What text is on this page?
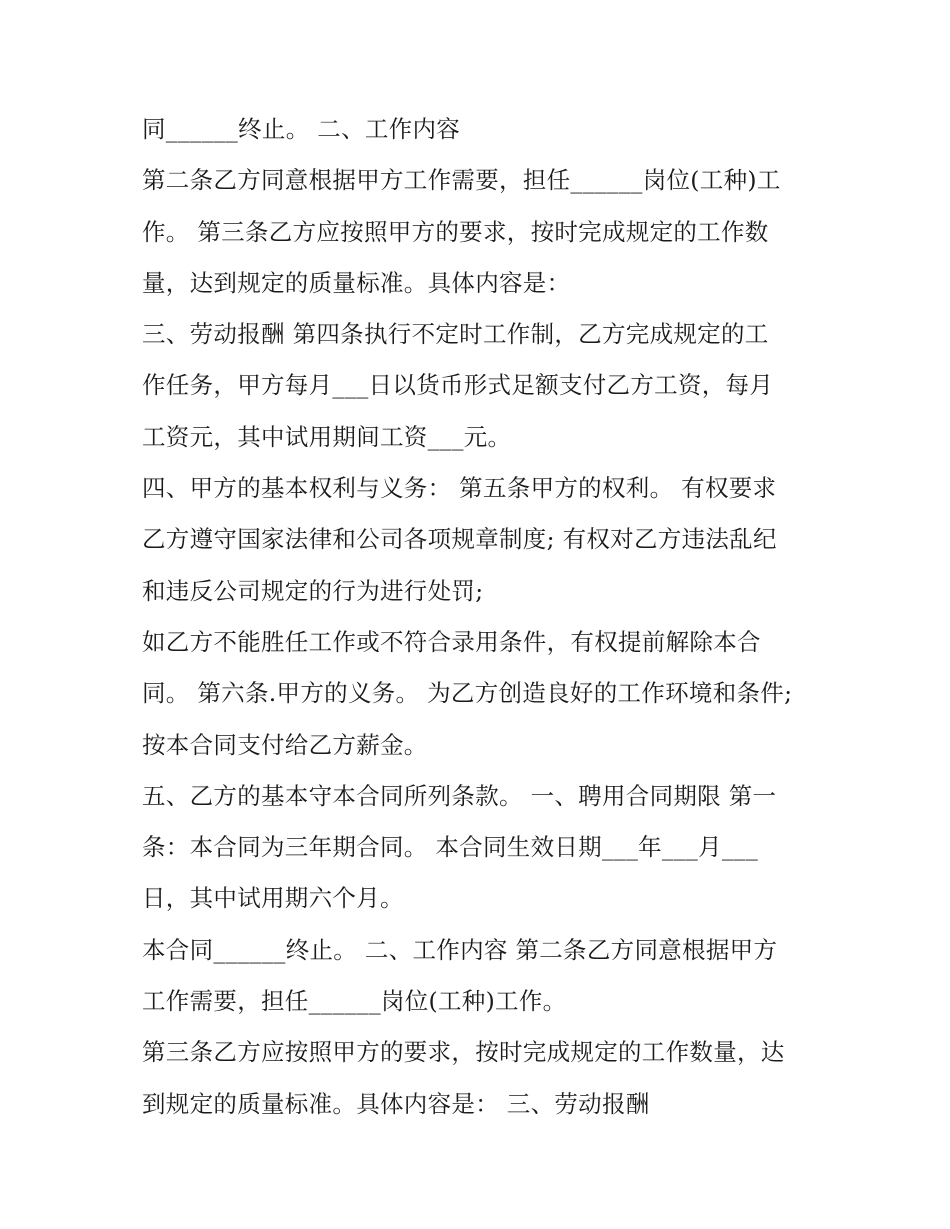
同______终止。 二、工作内容
第二条乙方同意根据甲方工作需要，担任______岗位(工种)工
作。 第三条乙方应按照甲方的要求，按时完成规定的工作数
量，达到规定的质量标准。具体内容是：
三、劳动报酬 第四条执行不定时工作制，乙方完成规定的工
作任务，甲方每月___日以货币形式足额支付乙方工资，每月
工资元，其中试用期间工资___元。
四、甲方的基本权利与义务： 第五条甲方的权利。 有权要求
乙方遵守国家法律和公司各项规章制度; 有权对乙方违法乱纪
和违反公司规定的行为进行处罚;
如乙方不能胜任工作或不符合录用条件，有权提前解除本合
同。 第六条.甲方的义务。 为乙方创造良好的工作环境和条件;
按本合同支付给乙方薪金。
五、乙方的基本守本合同所列条款。 一、聘用合同期限 第一
条：本合同为三年期合同。 本合同生效日期___年___月___
日，其中试用期六个月。
本合同______终止。 二、工作内容 第二条乙方同意根据甲方
工作需要，担任______岗位(工种)工作。
第三条乙方应按照甲方的要求，按时完成规定的工作数量，达
到规定的质量标准。具体内容是： 三、劳动报酬
